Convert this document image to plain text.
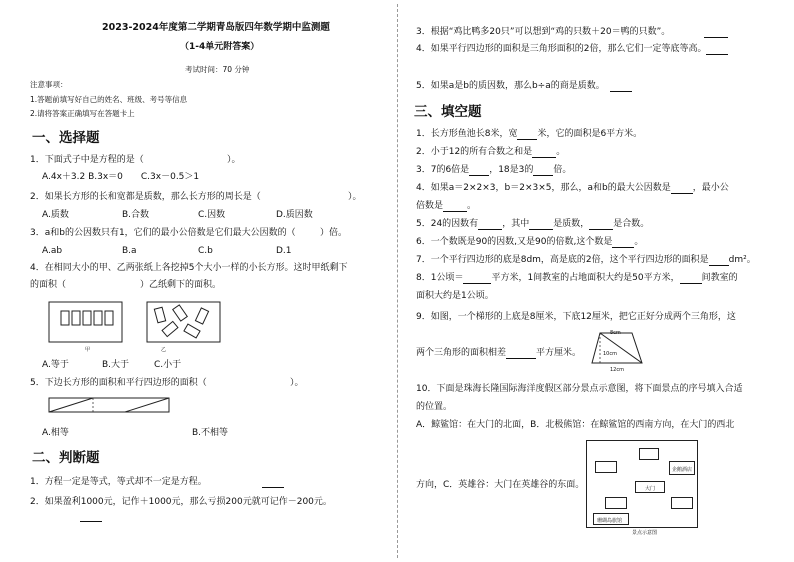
2023-2024年度第二学期青岛版四年数学期中监测题
（1-4单元附答案）
考试时间：70 分钟
注意事项：
1.答题前填写好自己的姓名、班级、考号等信息
2.请将答案正确填写在答题卡上
一、选择题
1．下面式子中是方程的是（	）。
A.4x＋3.2 B.3x＝0　　C.3x－0.5＞1
2．如果长方形的长和宽都是质数，那么长方形的周长是（	）。
A.质数	B.合数	C.因数	D.质因数
3．a和b的公因数只有1，它们的最小公倍数是它们最大公因数的（	）倍。
A.ab	B.a	C.b	D.1
4．在相同大小的甲、乙两张纸上各挖掉5个大小一样的小长方形。这时甲纸剩下
的面积（	）乙纸剩下的面积。
甲	乙
A.等于	B.大于	C.小于
5．下边长方形的面积和平行四边形的面积（	）。
A.相等	B.不相等
二、判断题
1．方程一定是等式，等式却不一定是方程。
2．如果盈利1000元，记作＋1000元，那么亏损200元就可记作－200元。
3．根据“鸡比鸭多20只”可以想到“鸡的只数＋20＝鸭的只数”。
4．如果平行四边形的面积是三角形面积的2倍，那么它们一定等底等高。
5．如果a是b的质因数，那么b÷a的商是质数。
三、填空题
1．长方形鱼池长8米，宽 米，它的面积是6平方米。
2．小于12的所有合数之和是	。
3．7的6倍是 ，18是3的 倍。
4．如果a＝2×2×3，b＝2×3×5，那么，a和b的最大公因数是 ，最小公
倍数是	。
5．24的因数有	，其中	是质数，	是合数。
6．一个数既是90的因数,又是90的倍数,这个数是 。
7．一个平行四边形的底是8dm，高是底的2倍，这个平行四边形的面积是 dm²。
8．1公顷＝	平方米，1间教室的占地面积大约是50平方米， 间教室的
面积大约是1公顷。
9．如图，一个梯形的上底是8厘米，下底12厘米，把它正好分成两个三角形，这
两个三角形的面积相差	平方厘米。
8cm
10cm
12cm
10．下面是珠海长隆国际海洋度假区部分景点示意图，将下面景点的序号填入合适
的位置。
A．鲸鲨馆：在大门的北面，B．北极熊馆：在鲸鲨馆的西南方向，在大门的西北
方向，C．英雄谷：大门在英雄谷的东面。
企鹅酒店
大门
珊瑚岛旅馆
景点示意图
